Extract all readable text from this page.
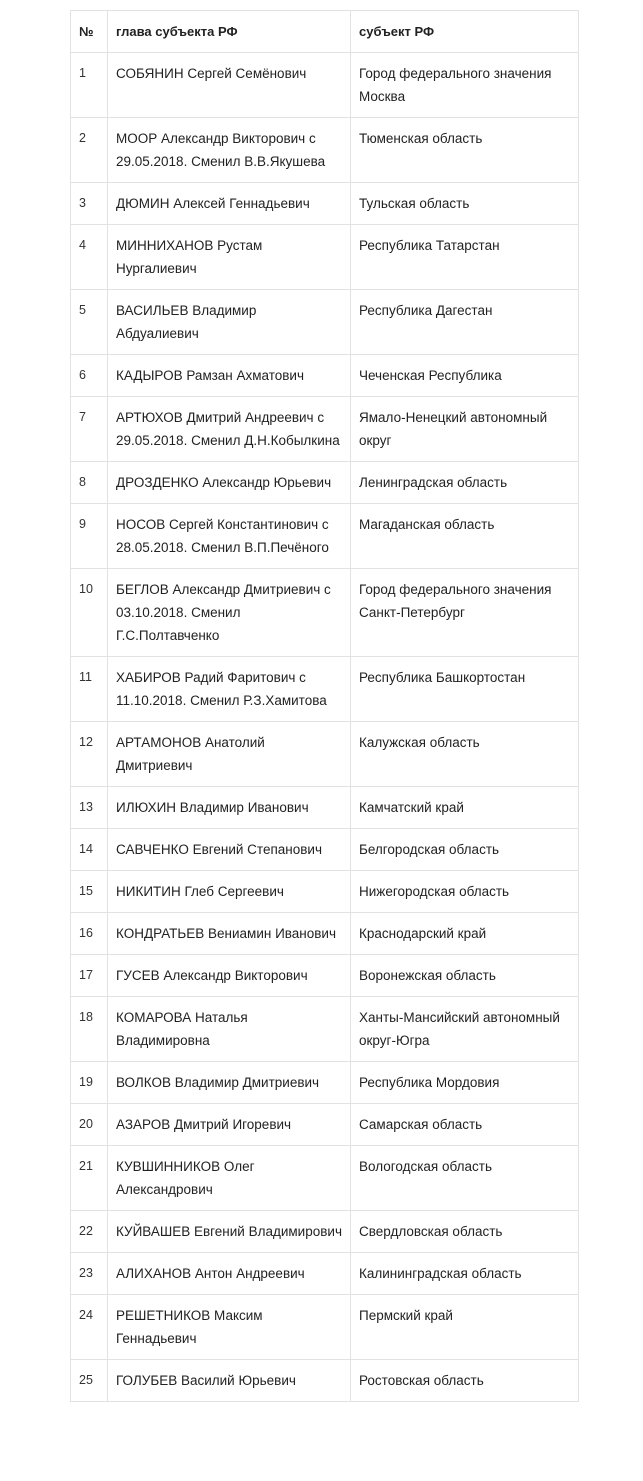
№	глава субъекта РФ	субъект РФ
1	СОБЯНИН Сергей Семёнович	Город федерального значения Москва
2	МООР Александр Викторович с 29.05.2018. Сменил В.В.Якушева	Тюменская область
3	ДЮМИН Алексей Геннадьевич	Тульская область
4	МИННИХАНОВ Рустам Нургалиевич	Республика Татарстан
5	ВАСИЛЬЕВ Владимир Абдуалиевич	Республика Дагестан
6	КАДЫРОВ Рамзан Ахматович	Чеченская Республика
7	АРТЮХОВ Дмитрий Андреевич с 29.05.2018. Сменил Д.Н.Кобылкина	Ямало-Ненецкий автономный округ
8	ДРОЗДЕНКО Александр Юрьевич	Ленинградская область
9	НОСОВ Сергей Константинович с 28.05.2018. Сменил В.П.Печёного	Магаданская область
10	БЕГЛОВ Александр Дмитриевич с 03.10.2018. Сменил Г.С.Полтавченко	Город федерального значения Санкт-Петербург
11	ХАБИРОВ Радий Фаритович с 11.10.2018. Сменил Р.З.Хамитова	Республика Башкортостан
12	АРТАМОНОВ Анатолий Дмитриевич	Калужская область
13	ИЛЮХИН Владимир Иванович	Камчатский край
14	САВЧЕНКО Евгений Степанович	Белгородская область
15	НИКИТИН Глеб Сергеевич	Нижегородская область
16	КОНДРАТЬЕВ Вениамин Иванович	Краснодарский край
17	ГУСЕВ Александр Викторович	Воронежская область
18	КОМАРОВА Наталья Владимировна	Ханты-Мансийский автономный округ-Югра
19	ВОЛКОВ Владимир Дмитриевич	Республика Мордовия
20	АЗАРОВ Дмитрий Игоревич	Самарская область
21	КУВШИННИКОВ Олег Александрович	Вологодская область
22	КУЙВАШЕВ Евгений Владимирович	Свердловская область
23	АЛИХАНОВ Антон Андреевич	Калининградская область
24	РЕШЕТНИКОВ Максим Геннадьевич	Пермский край
25	ГОЛУБЕВ Василий Юрьевич	Ростовская область
